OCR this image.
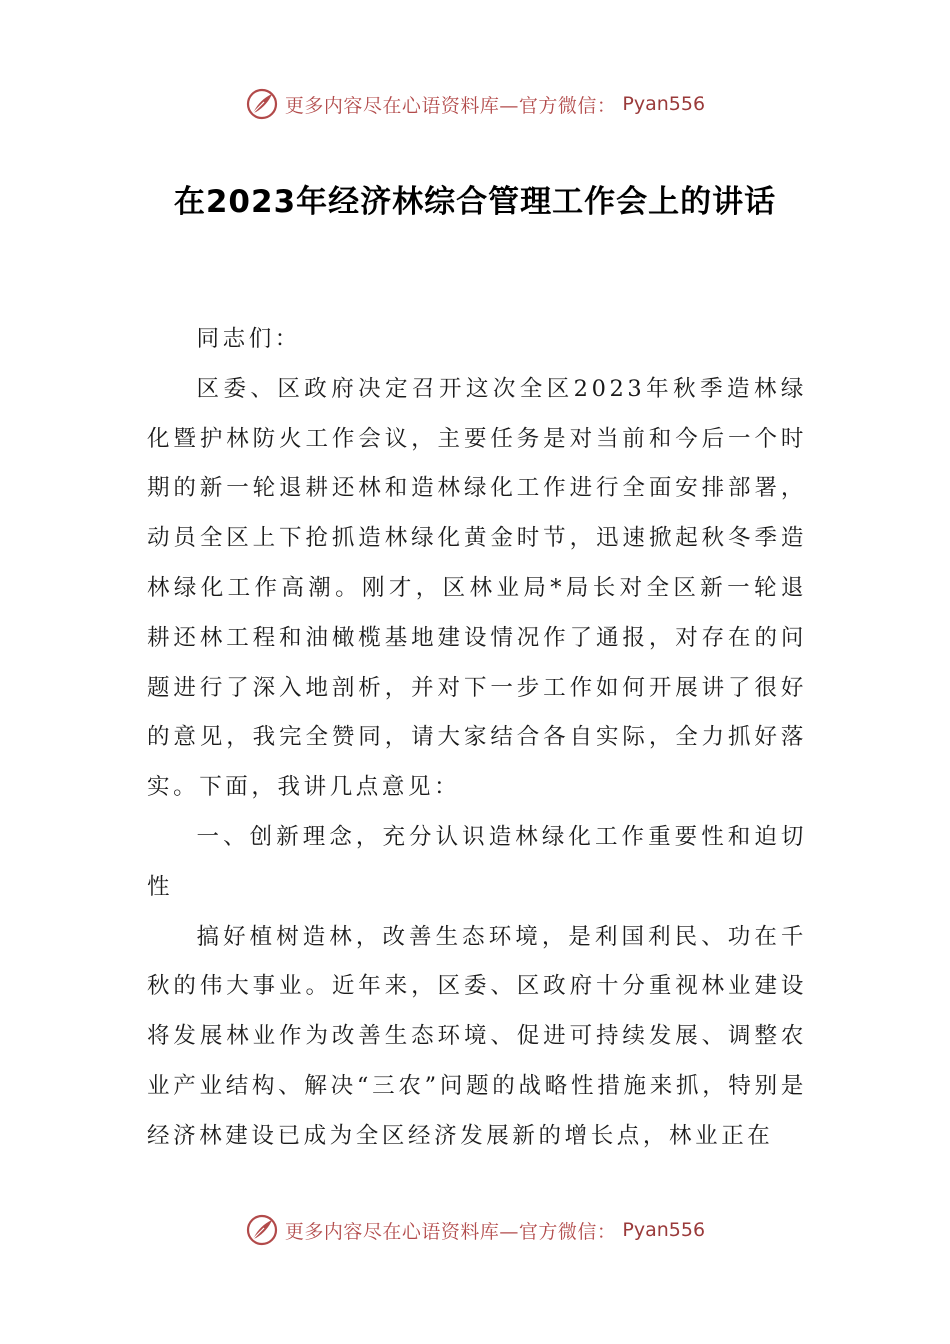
更多内容尽在心语资料库—官方微信： Pyan556
在2023年经济林综合管理工作会上的讲话

同志们：

区委、区政府决定召开这次全区2023年秋季造林绿化暨护林防火工作会议，主要任务是对当前和今后一个时期的新一轮退耕还林和造林绿化工作进行全面安排部署，动员全区上下抢抓造林绿化黄金时节，迅速掀起秋冬季造林绿化工作高潮。刚才，区林业局*局长对全区新一轮退耕还林工程和油橄榄基地建设情况作了通报，对存在的问题进行了深入地剖析，并对下一步工作如何开展讲了很好的意见，我完全赞同，请大家结合各自实际，全力抓好落实。下面，我讲几点意见：

一、创新理念，充分认识造林绿化工作重要性和迫切性

搞好植树造林，改善生态环境，是利国利民、功在千秋的伟大事业。近年来，区委、区政府十分重视林业建设将发展林业作为改善生态环境、促进可持续发展、调整农业产业结构、解决“三农”问题的战略性措施来抓，特别是经济林建设已成为全区经济发展新的增长点，林业正在

更多内容尽在心语资料库—官方微信： Pyan556
